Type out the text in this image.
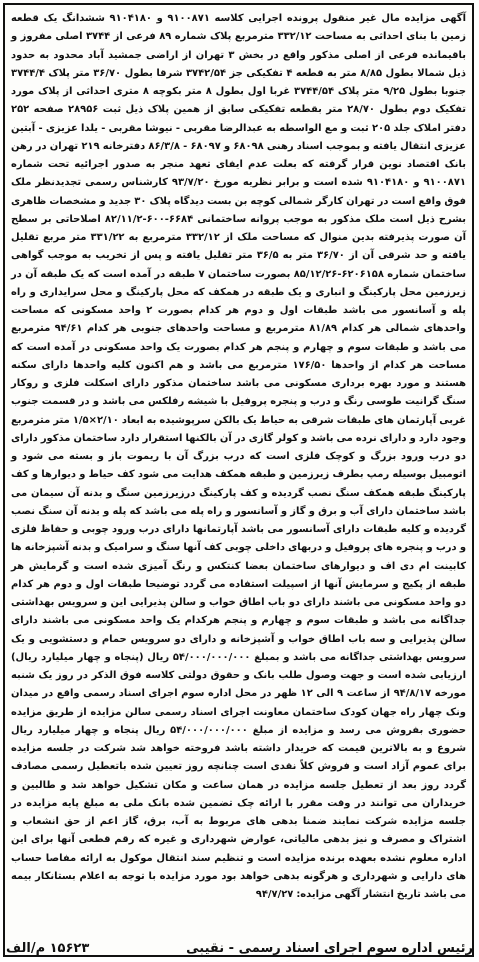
آگهی مزایده مال غیر منقول پرونده اجرایی کلاسه ۹۱۰۰۸۷۱ و ۹۱۰۴۱۸۰ ششدانگ یک قطعه زمین با بنای احداثی به مساحت ۳۳۲/۱۲ مترمربع پلاک شماره ۸۹ فرعی از ۳۷۴۴ اصلی مفروز و باقیمانده فرعی از اصلی مذکور واقع در بخش ۳ تهران از اراضی جمشید آباد محدود به حدود ذیل شمالا بطول ۸/۸۵ متر به قطعه ۴ تفکیکی جز ۳۷۴۲/۵۴ شرقا بطول ۳۶/۷۰ متر پلاک ۳۷۴۴/۴ جنوبا بطول ۹/۲۵ متر پلاک ۳۷۴۴/۵۴ غربا اول بطول ۸ متر بکوچه ۸ متری احداثی از پلاک مورد تفکیک دوم بطول ۲۸/۷۰ متر بقطعه تفکیکی سابق از همین پلاک ذیل ثبت ۲۸۹۵۶ صفحه ۲۵۲ دفتر املاک جلد ۲۰۵ ثبت و مع الواسطه به عبدالرضا مقربی - نیوشا مقربی - یلدا عزیزی - آبتین عزیزی انتقال یافته و بموجب اسناد رهنی ۶۸۰۹۸ و ۶۸۰۹۷ - ۸۶/۳/۸ دفترخانه ۲۱۹ تهران در رهن بانک اقتصاد نوین قرار گرفته که بعلت عدم ایفای تعهد منجر به صدور اجرائیه تحت شماره ۹۱۰۰۸۷۱ و ۹۱۰۴۱۸۰ شده است و برابر نظریه مورخ ۹۳/۷/۲۰ کارشناس رسمی تجدیدنظر ملک فوق واقع است در تهران کارگر شمالی کوچه بن بست دیدگاه پلاک ۳۰ جدید و مشخصات ظاهری بشرح ذیل است ملک مذکور به موجب پروانه ساختمانی ۶۶۸۴-۶۰۰-۸۲/۱۱/۲ اصلاحاتی بر سطح آن صورت پذیرفته بدین منوال که مساحت ملک از ۳۳۲/۱۲ مترمربع به ۳۳۱/۲۲ متر مربع تقلیل یافته و حد شرقی آن از ۳۶/۷۰ متر به ۳۶/۵ متر تقلیل یافته و پس از تخریب به موجب گواهی ساختمان شماره ۶۲۰۶۱۵۸-۸۵/۱۲/۲۶ بصورت ساختمان ۷ طبقه در آمده است که یک طبقه آن در زیرزمین محل پارکینگ و انباری و یک طبقه در همکف که محل پارکینگ و محل سرایداری و راه پله و آسانسور می باشد طبقات اول و دوم هر کدام بصورت ۲ واحد مسکونی که مساحت واحدهای شمالی هر کدام ۸۱/۸۹ مترمربع و مساحت واحدهای جنوبی هر کدام ۹۴/۶۱ مترمربع می باشد و طبقات سوم و چهارم و پنجم هر کدام بصورت یک واحد مسکونی در آمده است که مساحت هر کدام از واحدها ۱۷۶/۵۰ مترمربع می باشد و هم اکنون کلیه واحدها دارای سکنه هستند و مورد بهره برداری مسکونی می باشد ساختمان مذکور دارای اسکلت فلزی و روکار سنگ گرانیت طوسی رنگ و درب و پنجره پروفیل با شیشه رفلکس می باشد و در قسمت جنوب غربی آپارتمان های طبقات شرقی به حیاط یک بالکن سرپوشیده به ابعاد ۲/۱۰×۱/۵ متر مترمربع وجود دارد و دارای نرده می باشد و کولر گازی در آن بالکنها استقرار دارد ساختمان مذکور دارای دو درب ورود بزرگ و کوچک فلزی است که درب بزرگ آن با ریموت باز و بسته می شود و اتومبیل بوسیله رمپ بطرف زیرزمین و طبقه همکف هدایت می شود کف حیاط و دیوارها و کف پارکینگ طبقه همکف سنگ نصب گردیده و کف پارکینگ درزیرزمین سنگ و بدنه آن سیمان می باشد ساختمان دارای آب و برق و گاز و آسانسور و راه پله می باشد که پله و بدنه آن سنگ نصب گردیده و کلیه طبقات دارای آسانسور می باشد آپارتمانها دارای درب ورود چوبی و حفاظ فلزی و درب و پنجره های پروفیل و دربهای داخلی چوبی کف آنها سنگ و سرامیک و بدنه آشپزخانه ها کابینت ام دی اف و دیوارهای ساختمان بعضا کنتکس و رنگ آمیزی شده است و گرمایش هر طبقه از پکیج و سرمایش آنها از اسپیلت استفاده می گردد توضیحا طبقات اول و دوم هر کدام دو واحد مسکونی می باشند دارای دو باب اطاق خواب و سالن پذیرایی این و سرویس بهداشتی جداگانه می باشد و طبقات سوم و چهارم و پنجم هرکدام یک واحد مسکونی می باشند دارای سالن پذیرایی و سه باب اطاق خواب و آشپزخانه و دارای دو سرویس حمام و دستشویی و یک سرویس بهداشتی جداگانه می باشد و بمبلغ ۵۴/۰۰۰/۰۰۰/۰۰۰ ریال (پنجاه و چهار میلیارد ریال) ارزیابی شده است و جهت وصول طلب بانک و حقوق دولتی کلاسه فوق الذکر در روز یک شنبه مورخه ۹۴/۸/۱۷ از ساعت ۹ الی ۱۲ ظهر در محل اداره سوم اجرای اسناد رسمی واقع در میدان ونک چهار راه جهان کودک ساختمان معاونت اجرای اسناد رسمی سالن مزایده از طریق مزایده حضوری بفروش می رسد و مزایده از مبلغ ۵۴/۰۰۰/۰۰۰/۰۰۰ ریال پنجاه و چهار میلیارد ریال شروع و به بالاترین قیمت که خریدار داشته باشد فروخته خواهد شد شرکت در جلسه مزایده برای عموم آزاد است و فروش کلاً نقدی است چنانچه روز تعیین شده باتعطیل رسمی مصادف گردد روز بعد از تعطیل جلسه مزایده در همان ساعت و مکان تشکیل خواهد شد و طالبین و خریداران می توانند در وقت مقرر با ارائه چک تضمین شده بانک ملی به مبلغ پایه مزایده در جلسه مزایده شرکت نمایند ضمنا بدهی های مربوط به آب، برق، گاز اعم از حق انشعاب و اشتراک و مصرف و نیز بدهی مالیاتی، عوارض شهرداری و غیره که رقم قطعی آنها برای این اداره معلوم نشده بعهده برنده مزایده است و تنظیم سند انتقال موکول به ارائه مفاصا حساب های دارایی و شهرداری و هرگونه بدهی خواهد بود مورد مزایده با توجه به اعلام بستانکار بیمه می باشد تاریخ انتشار آگهی مزایده: ۹۴/۷/۲۷

رئیس اداره سوم اجرای اسناد رسمی - نقیبی
۱۵۶۲۳ م/الف
